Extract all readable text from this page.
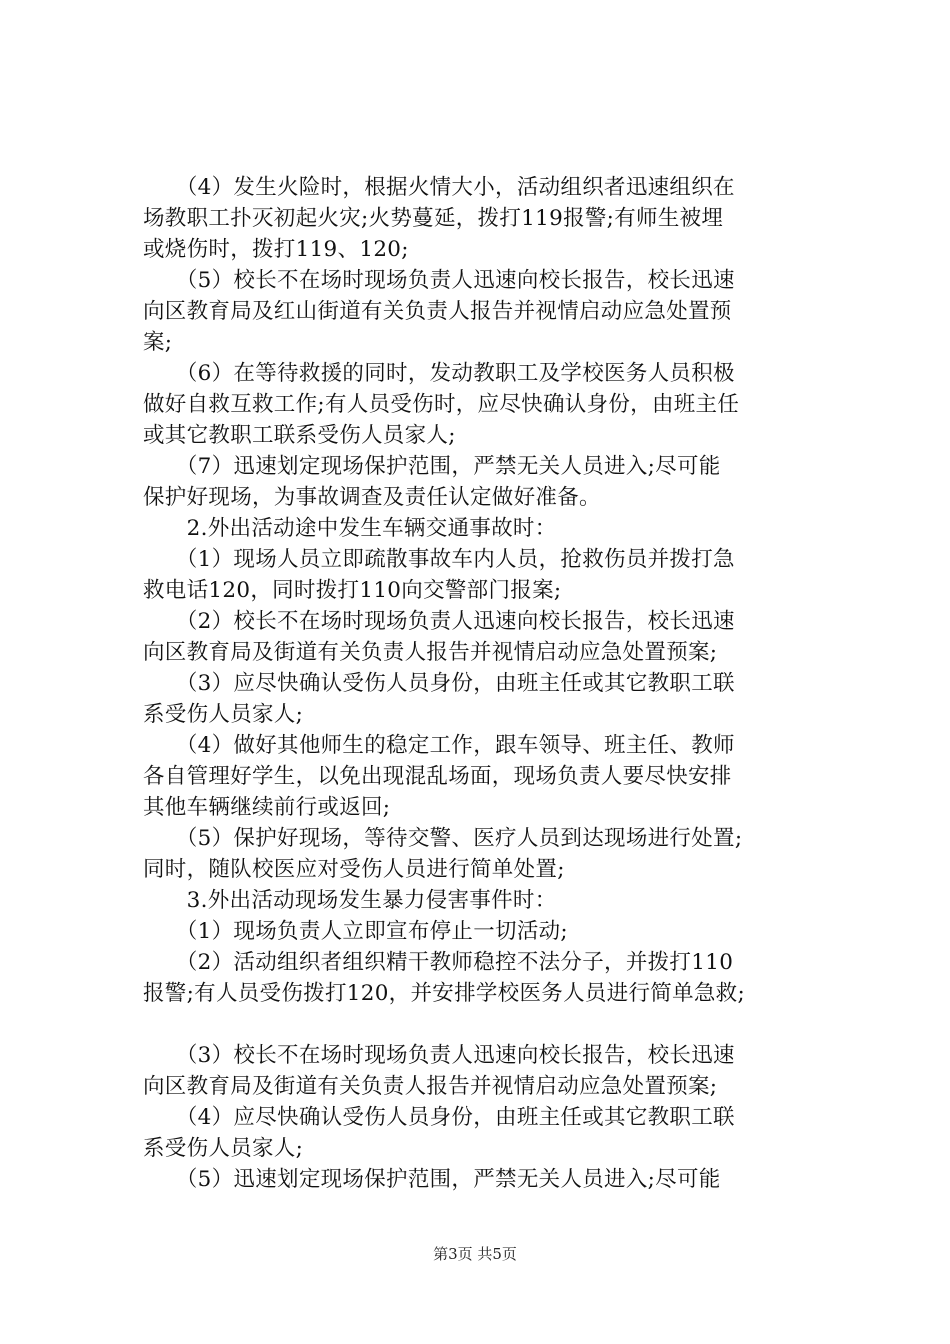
　　（4）发生火险时，根据火情大小，活动组织者迅速组织在
场教职工扑灭初起火灾;火势蔓延，拨打119报警;有师生被埋
或烧伤时，拨打119、120;
　　（5）校长不在场时现场负责人迅速向校长报告，校长迅速
向区教育局及红山街道有关负责人报告并视情启动应急处置预
案;
　　（6）在等待救援的同时，发动教职工及学校医务人员积极
做好自救互救工作;有人员受伤时，应尽快确认身份，由班主任
或其它教职工联系受伤人员家人;
　　（7）迅速划定现场保护范围，严禁无关人员进入;尽可能
保护好现场，为事故调查及责任认定做好准备。
　　2.外出活动途中发生车辆交通事故时：
　　（1）现场人员立即疏散事故车内人员，抢救伤员并拨打急
救电话120，同时拨打110向交警部门报案;
　　（2）校长不在场时现场负责人迅速向校长报告，校长迅速
向区教育局及街道有关负责人报告并视情启动应急处置预案;
　　（3）应尽快确认受伤人员身份，由班主任或其它教职工联
系受伤人员家人;
　　（4）做好其他师生的稳定工作，跟车领导、班主任、教师
各自管理好学生，以免出现混乱场面，现场负责人要尽快安排
其他车辆继续前行或返回;
　　（5）保护好现场，等待交警、医疗人员到达现场进行处置;
同时，随队校医应对受伤人员进行简单处置;
　　3.外出活动现场发生暴力侵害事件时：
　　（1）现场负责人立即宣布停止一切活动;
　　（2）活动组织者组织精干教师稳控不法分子，并拨打110
报警;有人员受伤拨打120，并安排学校医务人员进行简单急救;
　　（3）校长不在场时现场负责人迅速向校长报告，校长迅速
向区教育局及街道有关负责人报告并视情启动应急处置预案;
　　（4）应尽快确认受伤人员身份，由班主任或其它教职工联
系受伤人员家人;
　　（5）迅速划定现场保护范围，严禁无关人员进入;尽可能
第3页 共5页
